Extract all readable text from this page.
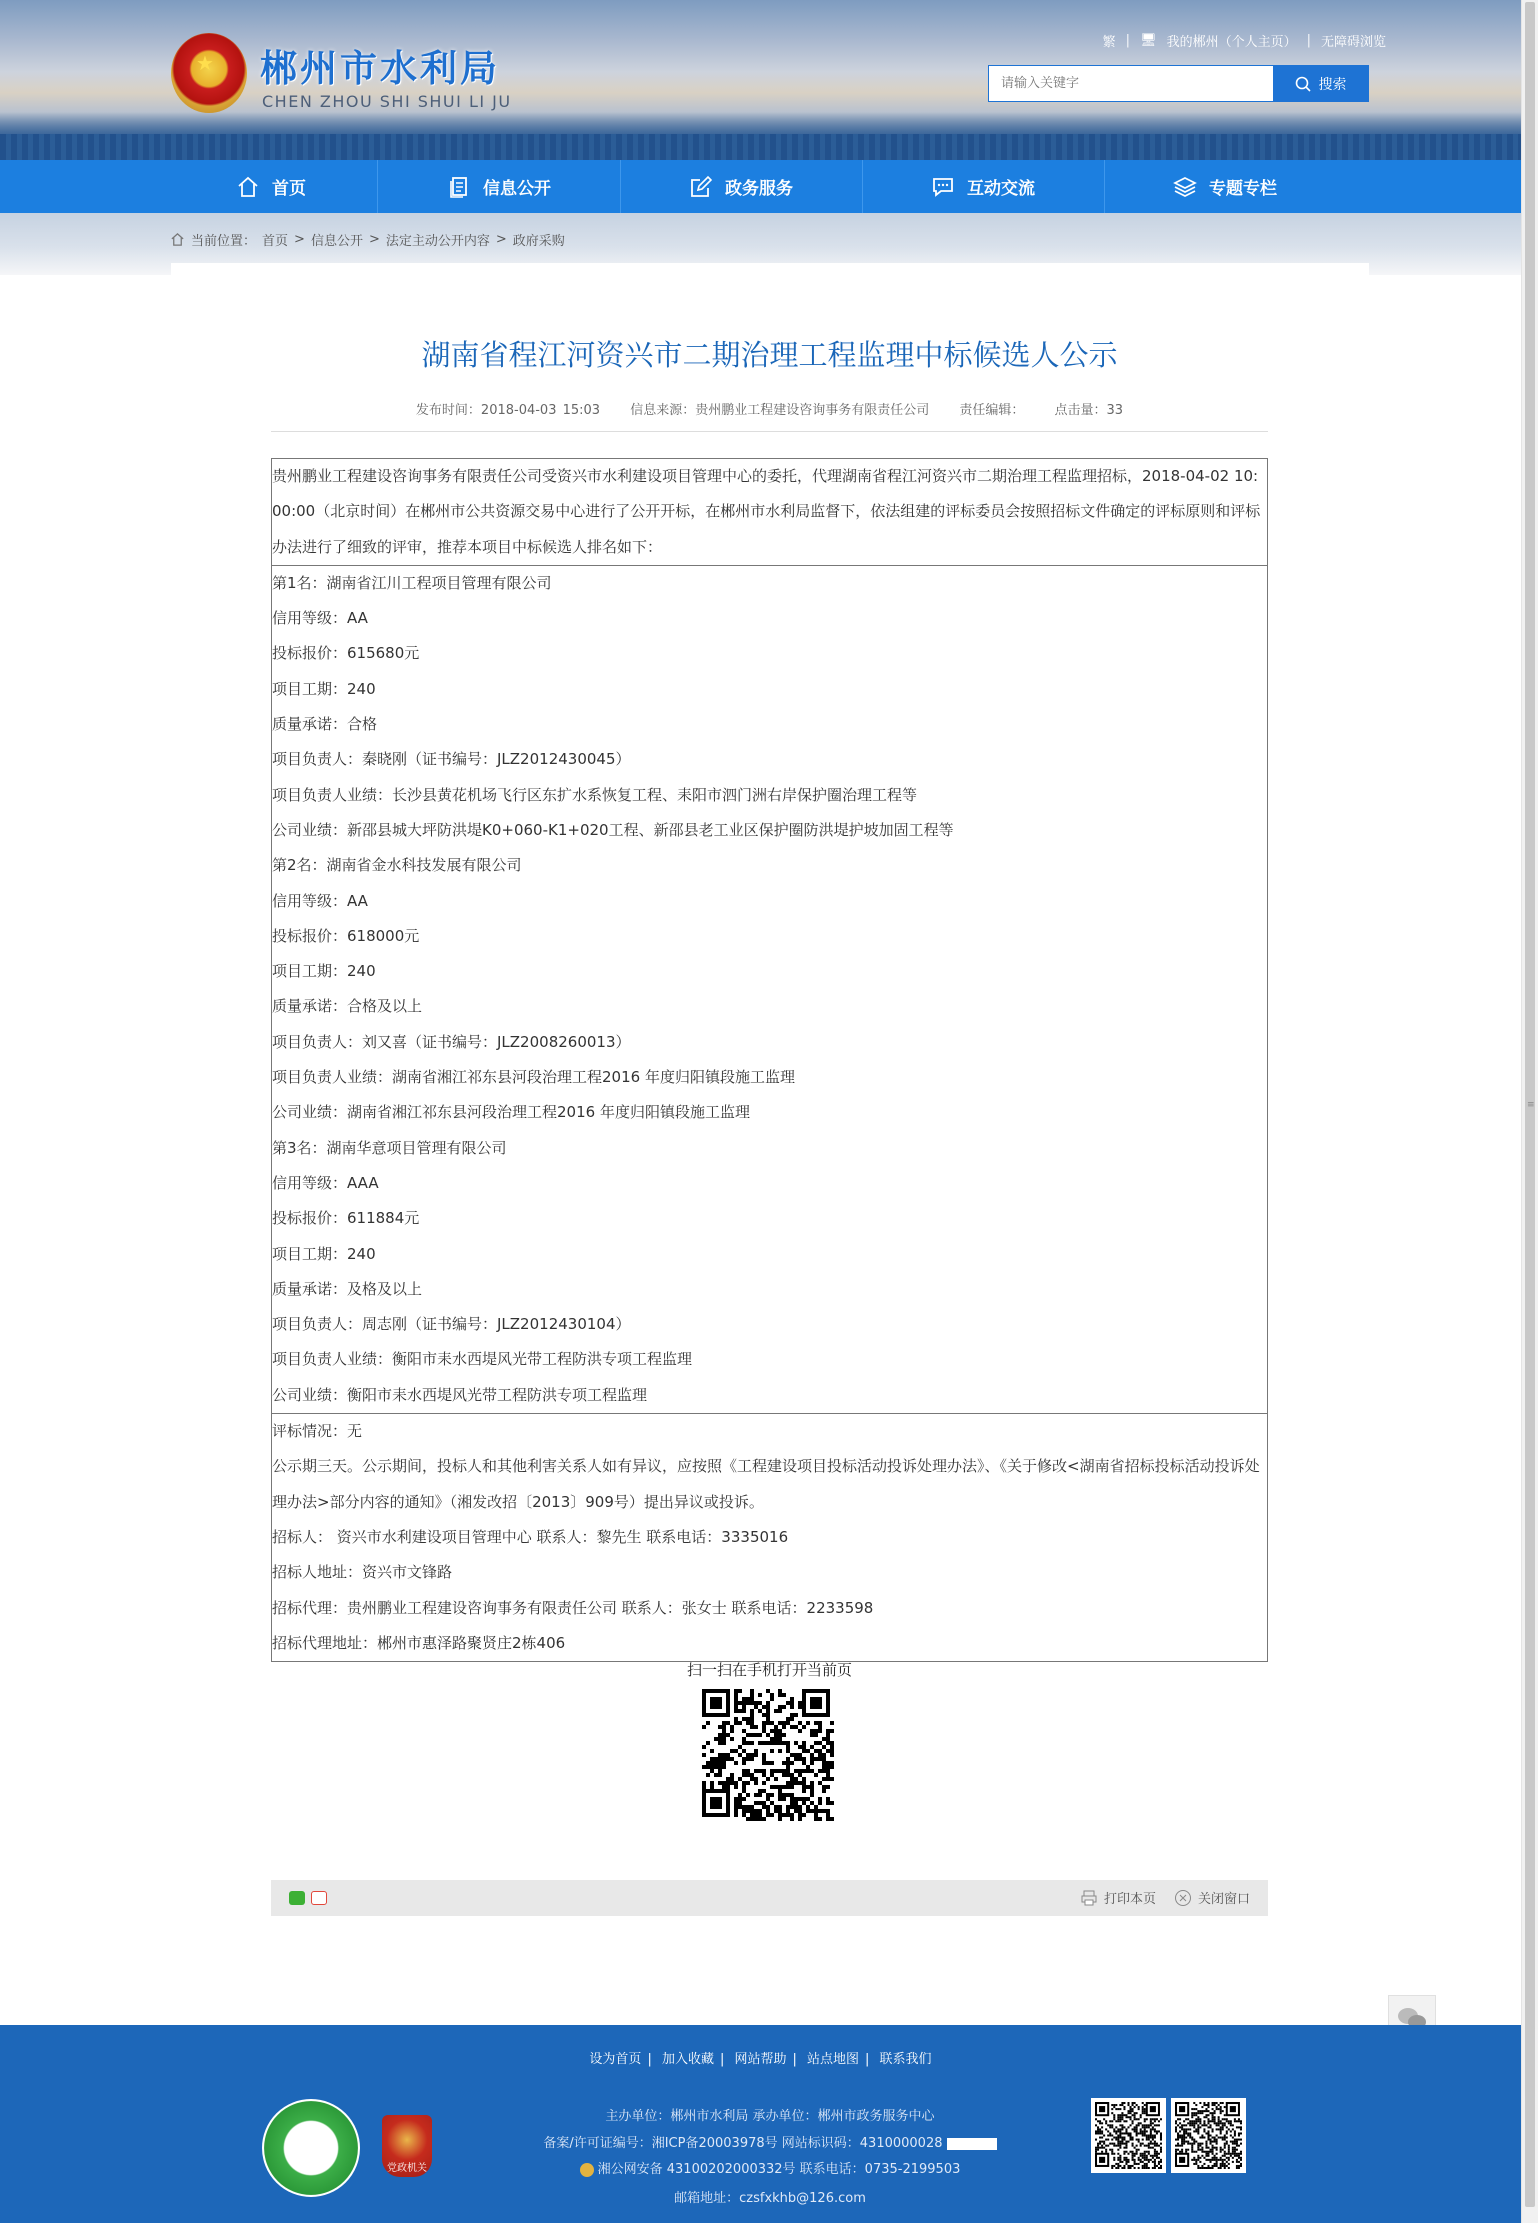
≡
★ 郴州市水利局
CHEN ZHOU SHI SHUI LI JU
繁 | 🖥 我的郴州（个人主页） | 无障碍浏览
请输入关键字
搜索
首页	信息公开	政务服务	互动交流	专题专栏
当前位置： 首页 > 信息公开 > 法定主动公开内容 > 政府采购
湖南省程江河资兴市二期治理工程监理中标候选人公示
发布时间：2018-04-03 15:03 信息来源：贵州鹏业工程建设咨询事务有限责任公司 责任编辑： 点击量：33
贵州鹏业工程建设咨询事务有限责任公司受资兴市水利建设项目管理中心的委托，代理湖南省程江河资兴市二期治理工程监理招标，2018-04-02 10:00:00（北京时间）在郴州市公共资源交易中心进行了公开开标，在郴州市水利局监督下，依法组建的评标委员会按照招标文件确定的评标原则和评标办法进行了细致的评审，推荐本项目中标候选人排名如下：

第1名：湖南省江川工程项目管理有限公司
信用等级：AA
投标报价：615680元
项目工期：240
质量承诺：合格
项目负责人：秦晓刚（证书编号：JLZ2012430045）
项目负责人业绩：长沙县黄花机场飞行区东扩水系恢复工程、耒阳市泗门洲右岸保护圈治理工程等
公司业绩：新邵县城大坪防洪堤K0+060-K1+020工程、新邵县老工业区保护圈防洪堤护坡加固工程等
第2名：湖南省金水科技发展有限公司
信用等级：AA
投标报价：618000元
项目工期：240
质量承诺：合格及以上
项目负责人：刘又喜（证书编号：JLZ2008260013）
项目负责人业绩：湖南省湘江祁东县河段治理工程2016 年度归阳镇段施工监理
公司业绩：湖南省湘江祁东县河段治理工程2016 年度归阳镇段施工监理
第3名：湖南华意项目管理有限公司
信用等级：AAA
投标报价：611884元
项目工期：240
质量承诺：及格及以上
项目负责人：周志刚（证书编号：JLZ2012430104）
项目负责人业绩：衡阳市耒水西堤风光带工程防洪专项工程监理
公司业绩：衡阳市耒水西堤风光带工程防洪专项工程监理

评标情况：无
公示期三天。公示期间，投标人和其他利害关系人如有异议，应按照《工程建设项目投标活动投诉处理办法》、《关于修改<湖南省招标投标活动投诉处理办法>部分内容的通知》（湘发改招〔2013〕909号）提出异议或投诉。
招标人： 资兴市水利建设项目管理中心 联系人：黎先生 联系电话：3335016
招标人地址：资兴市文锋路
招标代理：贵州鹏业工程建设咨询事务有限责任公司 联系人：张女士 联系电话：2233598
招标代理地址：郴州市惠泽路聚贤庄2栋406
扫一扫在手机打开当前页
打印本页	关闭窗口
设为首页 | 加入收藏 | 网站帮助 | 站点地图 | 联系我们
主办单位：郴州市水利局 承办单位：郴州市政务服务中心
备案/许可证编号：湘ICP备20003978号 网站标识码：4310000028
湘公网安备 43100202000332号 联系电话：0735-2199503
邮箱地址：czsfxkhb@126.com
党政机关
